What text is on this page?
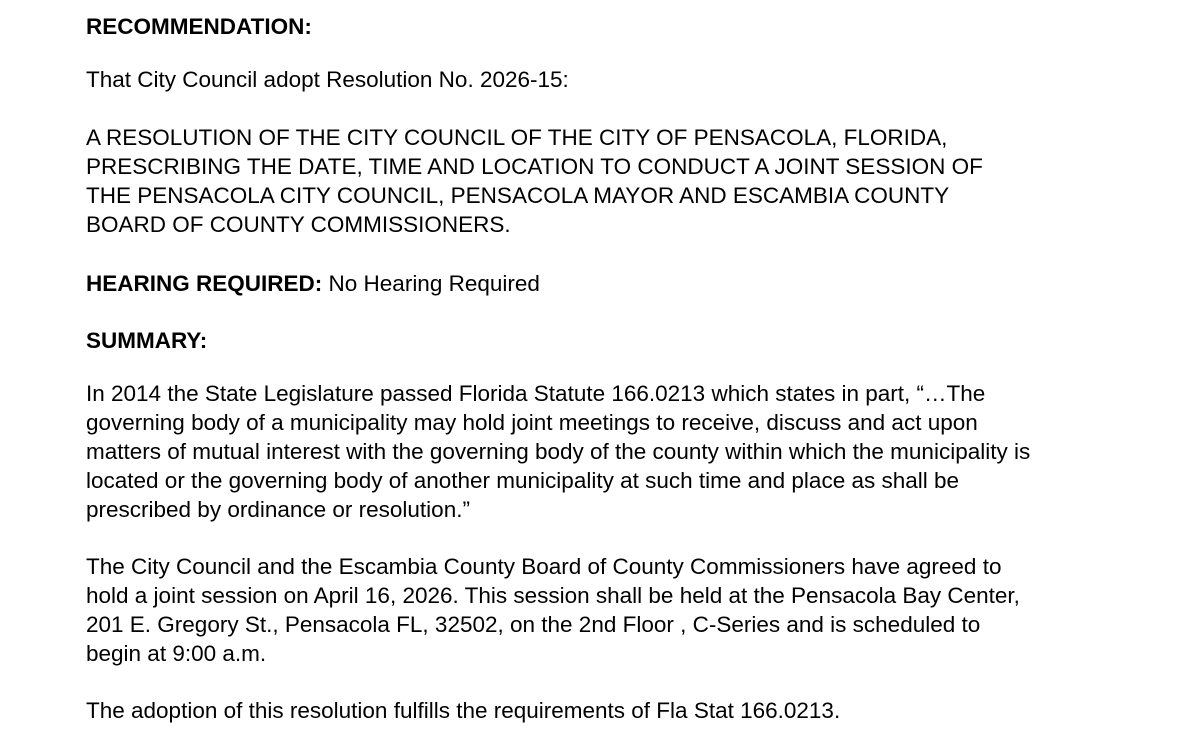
RECOMMENDATION:

That City Council adopt Resolution No. 2026-15:

A RESOLUTION OF THE CITY COUNCIL OF THE CITY OF PENSACOLA, FLORIDA,
PRESCRIBING THE DATE, TIME AND LOCATION TO CONDUCT A JOINT SESSION OF
THE PENSACOLA CITY COUNCIL, PENSACOLA MAYOR AND ESCAMBIA COUNTY
BOARD OF COUNTY COMMISSIONERS.

HEARING REQUIRED: No Hearing Required

SUMMARY:

In 2014 the State Legislature passed Florida Statute 166.0213 which states in part, “…The
governing body of a municipality may hold joint meetings to receive, discuss and act upon
matters of mutual interest with the governing body of the county within which the municipality is
located or the governing body of another municipality at such time and place as shall be
prescribed by ordinance or resolution.”

The City Council and the Escambia County Board of County Commissioners have agreed to
hold a joint session on April 16, 2026. This session shall be held at the Pensacola Bay Center,
201 E. Gregory St., Pensacola FL, 32502, on the 2nd Floor , C-Series and is scheduled to
begin at 9:00 a.m.

The adoption of this resolution fulfills the requirements of Fla Stat 166.0213.
